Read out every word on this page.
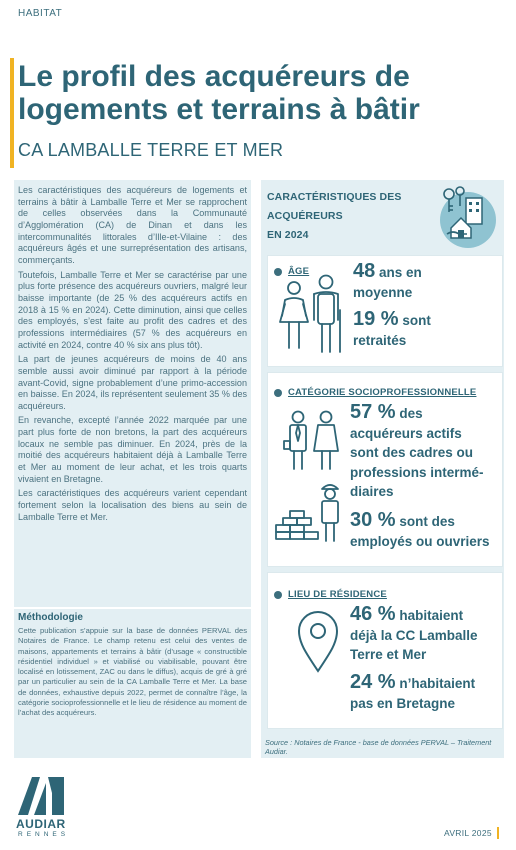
HABITAT
Le profil des acquéreurs de
logements et terrains à bâtir
CA LAMBALLE TERRE ET MER

Les caractéristiques des acquéreurs de logements et terrains à bâtir à Lamballe Terre et Mer se rapprochent de celles observées dans la Communauté d’Agglomération (CA) de Dinan et dans les intercommunalités littorales d’Ille-et-Vilaine : des acquéreurs âgés et une surreprésentation des artisans, commerçants.

Toutefois, Lamballe Terre et Mer se caractérise par une plus forte présence des acquéreurs ouvriers, malgré leur baisse importante (de 25 % des acquéreurs actifs en 2018 à 15 % en 2024). Cette diminution, ainsi que celles des employés, s’est faite au profit des cadres et des professions intermédiaires (57 % des acquéreurs en activité en 2024, contre 40 % six ans plus tôt).

La part de jeunes acquéreurs de moins de 40 ans semble aussi avoir diminué par rapport à la période avant-Covid, signe probablement d’une primo-accession en baisse. En 2024, ils représentent seulement 35 % des acquéreurs.

En revanche, excepté l’année 2022 marquée par une part plus forte de non bretons, la part des acquéreurs locaux ne semble pas diminuer. En 2024, près de la moitié des acquéreurs habitaient déjà à Lamballe Terre et Mer au moment de leur achat, et les trois quarts vivaient en Bretagne.

Les caractéristiques des acquéreurs varient cependant fortement selon la localisation des biens au sein de Lamballe Terre et Mer.

Méthodologie

Cette publication s’appuie sur la base de données PERVAL des Notaires de France. Le champ retenu est celui des ventes de maisons, appartements et terrains à bâtir (d’usage « constructible résidentiel individuel » et viabilisé ou viabilisable, pouvant être localisé en lotissement, ZAC ou dans le diffus), acquis de gré à gré par un particulier au sein de la CA Lamballe Terre et Mer. La base de données, exhaustive depuis 2022, permet de connaître l’âge, la catégorie socioprofessionnelle et le lieu de résidence au moment de l’achat des acquéreurs.

CARACTÉRISTIQUES DES ACQUÉREURS
EN 2024
ÂGE 48 ans en
moyenne
19 % sont
retraités
CATÉGORIE SOCIOPROFESSIONNELLE
57 % des
acquéreurs actifs
sont des cadres ou
professions intermé-
diaires
30 % sont des
employés ou ouvriers
LIEU DE RÉSIDENCE
46 % habitaient
déjà la CC Lamballe
Terre et Mer
24 % n’habitaient
pas en Bretagne
Source : Notaires de France - base de données PERVAL – Traitement Audiar.
AUDIAR
RENNES	AVRIL 2025
